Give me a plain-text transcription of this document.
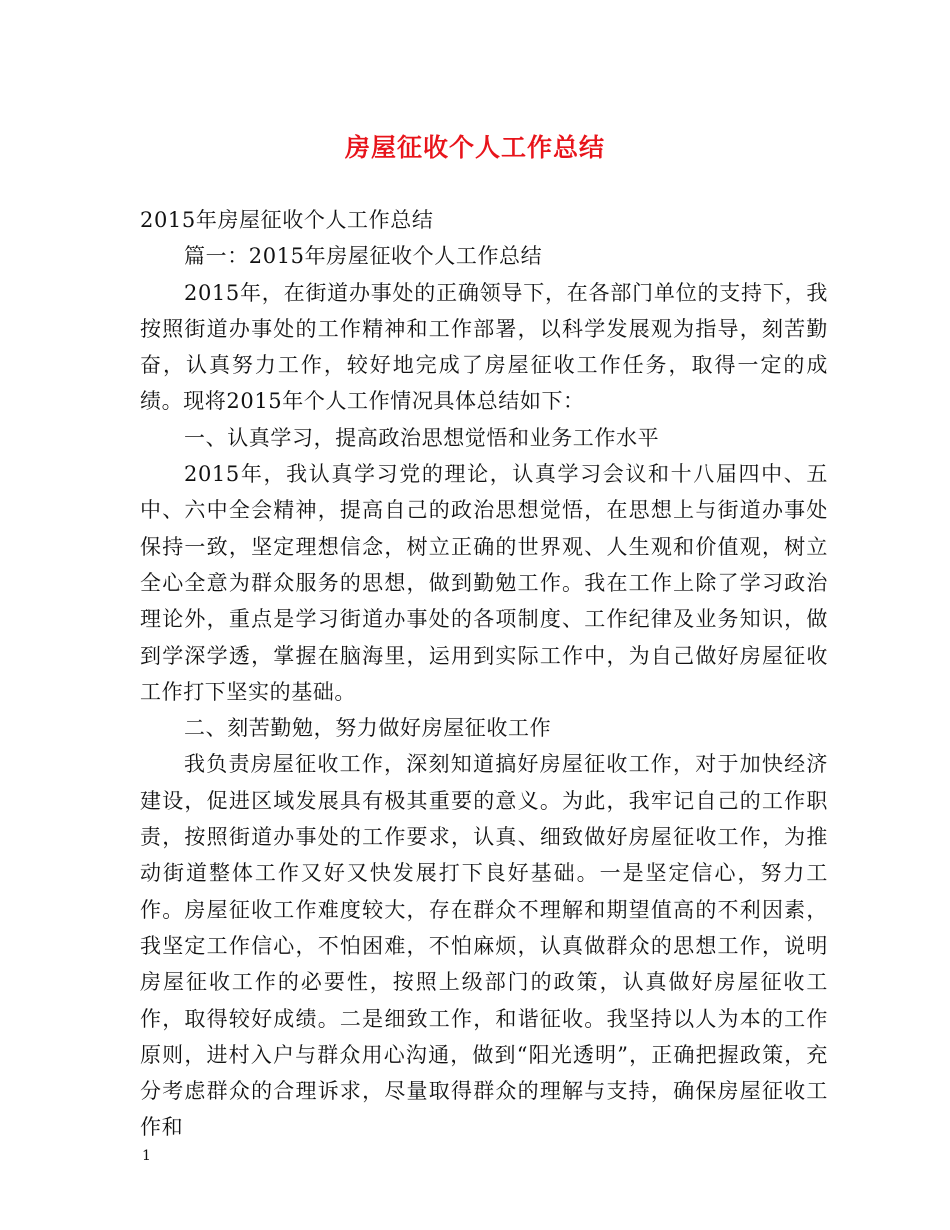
房屋征收个人工作总结

2015年房屋征收个人工作总结

篇一：2015年房屋征收个人工作总结

2015年，在街道办事处的正确领导下，在各部门单位的支持下，我按照街道办事处的工作精神和工作部署，以科学发展观为指导，刻苦勤奋，认真努力工作，较好地完成了房屋征收工作任务，取得一定的成绩。现将2015年个人工作情况具体总结如下：

一、认真学习，提高政治思想觉悟和业务工作水平

2015年，我认真学习党的理论，认真学习会议和十八届四中、五中、六中全会精神，提高自己的政治思想觉悟，在思想上与街道办事处保持一致，坚定理想信念，树立正确的世界观、人生观和价值观，树立全心全意为群众服务的思想，做到勤勉工作。我在工作上除了学习政治理论外，重点是学习街道办事处的各项制度、工作纪律及业务知识，做到学深学透，掌握在脑海里，运用到实际工作中，为自己做好房屋征收工作打下坚实的基础。

二、刻苦勤勉，努力做好房屋征收工作

我负责房屋征收工作，深刻知道搞好房屋征收工作，对于加快经济建设，促进区域发展具有极其重要的意义。为此，我牢记自己的工作职责，按照街道办事处的工作要求，认真、细致做好房屋征收工作，为推动街道整体工作又好又快发展打下良好基础。一是坚定信心，努力工作。房屋征收工作难度较大，存在群众不理解和期望值高的不利因素，我坚定工作信心，不怕困难，不怕麻烦，认真做群众的思想工作，说明房屋征收工作的必要性，按照上级部门的政策，认真做好房屋征收工作，取得较好成绩。二是细致工作，和谐征收。我坚持以人为本的工作原则，进村入户与群众用心沟通，做到“阳光透明”，正确把握政策，充分考虑群众的合理诉求，尽量取得群众的理解与支持，确保房屋征收工作和

1
